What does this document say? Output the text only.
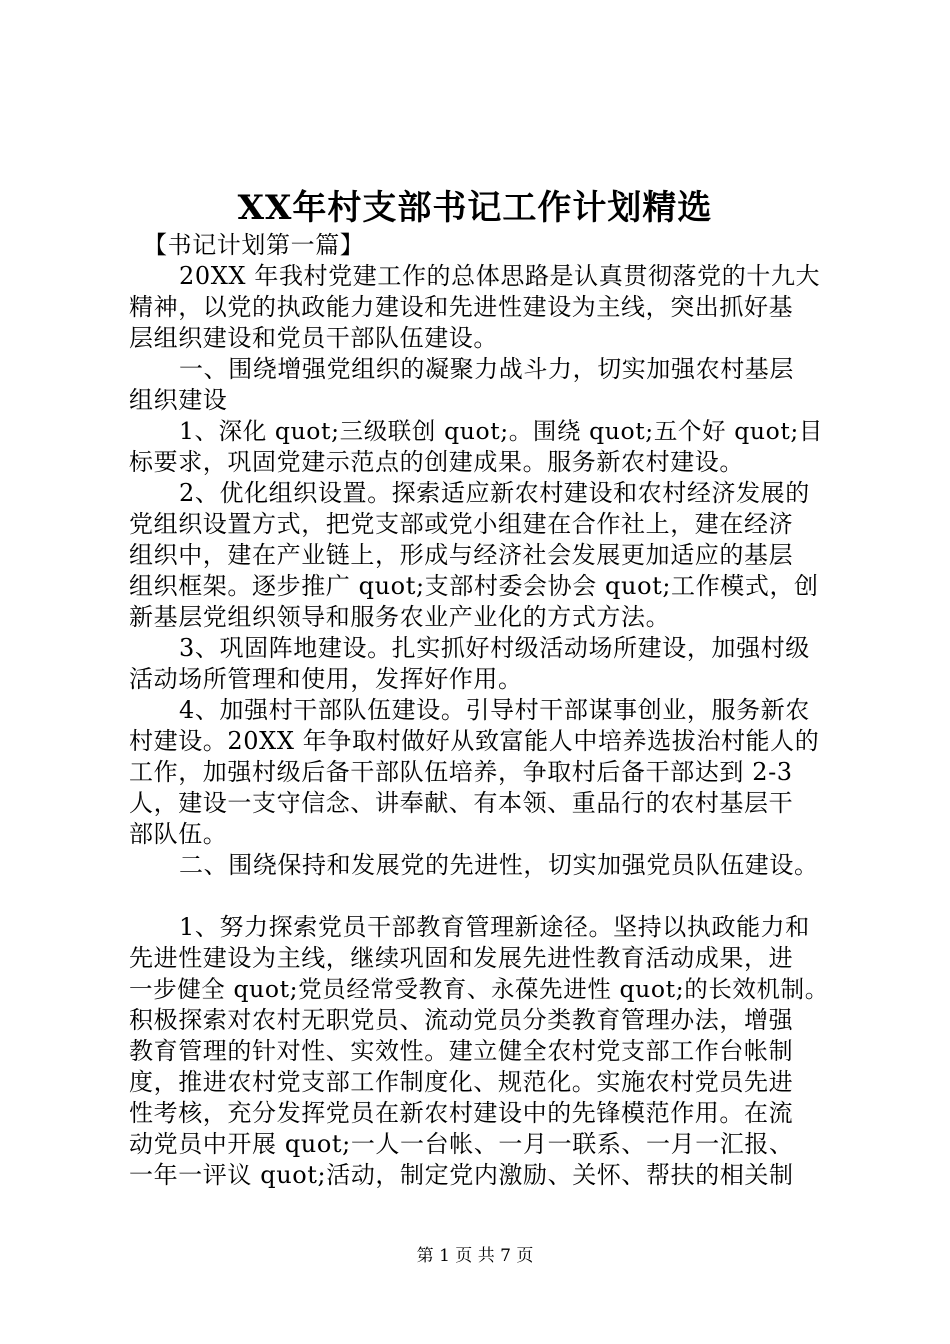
XX年村支部书记工作计划精选
【书记计划第一篇】
20XX 年我村党建工作的总体思路是认真贯彻落党的十九大
精神，以党的执政能力建设和先进性建设为主线，突出抓好基
层组织建设和党员干部队伍建设。
一、围绕增强党组织的凝聚力战斗力，切实加强农村基层
组织建设
1、深化 quot;三级联创 quot;。围绕 quot;五个好 quot;目
标要求，巩固党建示范点的创建成果。服务新农村建设。
2、优化组织设置。探索适应新农村建设和农村经济发展的
党组织设置方式，把党支部或党小组建在合作社上，建在经济
组织中，建在产业链上，形成与经济社会发展更加适应的基层
组织框架。逐步推广 quot;支部村委会协会 quot;工作模式，创
新基层党组织领导和服务农业产业化的方式方法。
3、巩固阵地建设。扎实抓好村级活动场所建设，加强村级
活动场所管理和使用，发挥好作用。
4、加强村干部队伍建设。引导村干部谋事创业，服务新农
村建设。20XX 年争取村做好从致富能人中培养选拔治村能人的
工作，加强村级后备干部队伍培养，争取村后备干部达到 2-3
人，建设一支守信念、讲奉献、有本领、重品行的农村基层干
部队伍。
二、围绕保持和发展党的先进性，切实加强党员队伍建设。
1、努力探索党员干部教育管理新途径。坚持以执政能力和
先进性建设为主线，继续巩固和发展先进性教育活动成果，进
一步健全 quot;党员经常受教育、永葆先进性 quot;的长效机制。
积极探索对农村无职党员、流动党员分类教育管理办法，增强
教育管理的针对性、实效性。建立健全农村党支部工作台帐制
度，推进农村党支部工作制度化、规范化。实施农村党员先进
性考核，充分发挥党员在新农村建设中的先锋模范作用。在流
动党员中开展 quot;一人一台帐、一月一联系、一月一汇报、
一年一评议 quot;活动，制定党内激励、关怀、帮扶的相关制
第 1 页 共 7 页
